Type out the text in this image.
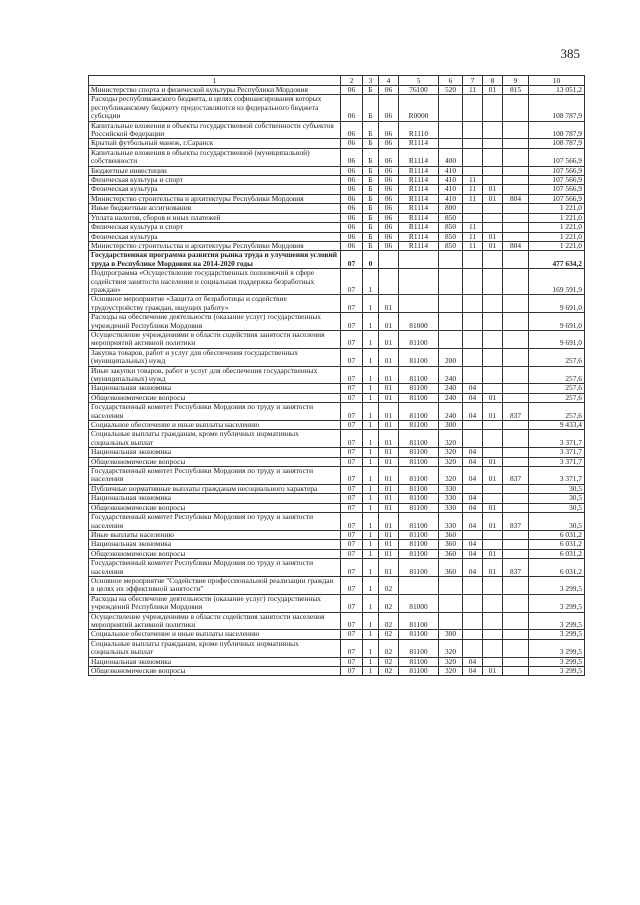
385
1	2	3	4	5	6	7	8	9	10
Министерство спорта и физической культуры Республики Мордовия	06	Б	06	76100	520	11	01	815	13 051,2
Расходы республиканского бюджета, в целях софинансирования которых республиканскому бюджету предоставляются из федерального бюджета субсидии	06	Б	06	R0000					108 787,9
Капитальные вложения в объекты государственной собственности субъектов Российской Федерации	06	Б	06	R1110					108 787,9
Крытый футбольный манеж, г.Саранск	06	Б	06	R1114					108 787,9
Капитальные вложения в объекты государственной (муниципальной) собственности	06	Б	06	R1114	400				107 566,9
Бюджетные инвестиции	06	Б	06	R1114	410				107 566,9
Физическая культура и спорт	06	Б	06	R1114	410	11			107 566,9
Физическая культура	06	Б	06	R1114	410	11	01		107 566,9
Министерство строительства и архитектуры Республики Мордовия	06	Б	06	R1114	410	11	01	804	107 566,9
Иные бюджетные ассигнования	06	Б	06	R1114	800				1 221,0
Уплата налогов, сборов и иных платежей	06	Б	06	R1114	850				1 221,0
Физическая культура и спорт	06	Б	06	R1114	850	11			1 221,0
Физическая культура	06	Б	06	R1114	850	11	01		1 221,0
Министерство строительства и архитектуры Республики Мордовия	06	Б	06	R1114	850	11	01	804	1 221,0
Государственная программа развития рынка труда и улучшения условий труда в Республике Мордовия на 2014-2020 годы	07	0							477 634,2
Подпрограмма «Осуществление государственных полномочий в сфере содействия занятости населения и социальная поддержка безработных граждан»	07	1							169 591,9
Основное мероприятие «Защита от безработицы и содействие трудоустройству граждан, ищущих работу»	07	1	01						9 691,0
Расходы на обеспечение деятельности (оказание услуг) государственных учреждений Республики Мордовия	07	1	01	81000					9 691,0
Осуществление учреждениями в области содействия занятости населения мероприятий активной политики	07	1	01	81100					9 691,0
Закупка товаров, работ и услуг для обеспечения государственных (муниципальных) нужд	07	1	01	81100	200				257,6
Иные закупки товаров, работ и услуг для обеспечения государственных (муниципальных) нужд	07	1	01	81100	240				257,6
Национальная экономика	07	1	01	81100	240	04			257,6
Общеэкономические вопросы	07	1	01	81100	240	04	01		257,6
Государственный комитет Республики Мордовия по труду и занятости населения	07	1	01	81100	240	04	01	837	257,6
Социальное обеспечение и иные выплаты населению	07	1	01	81100	300				9 433,4
Социальные выплаты гражданам, кроме публичных нормативных социальных выплат	07	1	01	81100	320				3 371,7
Национальная экономика	07	1	01	81100	320	04			3 371,7
Общеэкономические вопросы	07	1	01	81100	320	04	01		3 371,7
Государственный комитет Республики Мордовия по труду и занятости населения	07	1	01	81100	320	04	01	837	3 371,7
Публичные нормативные выплаты гражданам несоциального характера	07	1	01	81100	330				30,5
Национальная экономика	07	1	01	81100	330	04			30,5
Общеэкономические вопросы	07	1	01	81100	330	04	01		30,5
Государственный комитет Республики Мордовия по труду и занятости населения	07	1	01	81100	330	04	01	837	30,5
Иные выплаты населению	07	1	01	81100	360				6 031,2
Национальная экономика	07	1	01	81100	360	04			6 031,2
Общеэкономические вопросы	07	1	01	81100	360	04	01		6 031,2
Государственный комитет Республики Мордовия по труду и занятости населения	07	1	01	81100	360	04	01	837	6 031,2
Основное мероприятие "Содействие профессиональной реализации граждан в целях их эффективной занятости"	07	1	02						3 299,5
Расходы на обеспечение деятельности (оказание услуг) государственных учреждений Республики Мордовия	07	1	02	81000					3 299,5
Осуществление учреждениями в области содействия занятости населения мероприятий активной политики	07	1	02	81100					3 299,5
Социальное обеспечение и иные выплаты населению	07	1	02	81100	300				3 299,5
Социальные выплаты гражданам, кроме публичных нормативных социальных выплат	07	1	02	81100	320				3 299,5
Национальная экономика	07	1	02	81100	320	04			3 299,5
Общеэкономические вопросы	07	1	02	81100	320	04	01		3 299,5
